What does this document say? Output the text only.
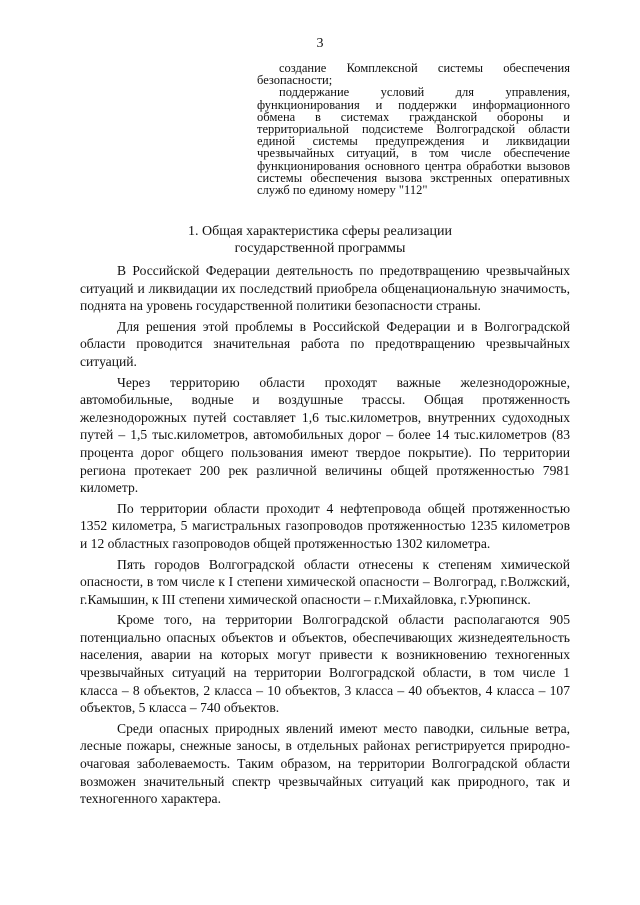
3

создание Комплексной системы обеспечения безопасности;

поддержание условий для управления, функционирования и поддержки информационного обмена в системах гражданской обороны и территориальной подсистеме Волгоградской области единой системы предупреждения и ликвидации чрезвычайных ситуаций, в том числе обеспечение функционирования основного центра обработки вызовов системы обеспечения вызова экстренных оперативных служб по единому номеру "112"

1. Общая характеристика сферы реализации
государственной программы

В Российской Федерации деятельность по предотвращению чрезвычайных ситуаций и ликвидации их последствий приобрела общенациональную значимость, поднята на уровень государственной политики безопасности страны.

Для решения этой проблемы в Российской Федерации и в Волгоградской области проводится значительная работа по предотвращению чрезвычайных ситуаций.

Через территорию области проходят важные железнодорожные, автомобильные, водные и воздушные трассы. Общая протяженность железнодорожных путей составляет 1,6 тыс.километров, внутренних судоходных путей – 1,5 тыс.километров, автомобильных дорог – более 14 тыс.километров (83 процента дорог общего пользования имеют твердое покрытие). По территории региона протекает 200 рек различной величины общей протяженностью 7981 километр.

По территории области проходит 4 нефтепровода общей протяженностью 1352 километра, 5 магистральных газопроводов протяженностью 1235 километров и 12 областных газопроводов общей протяженностью 1302 километра.

Пять городов Волгоградской области отнесены к степеням химической опасности, в том числе к I степени химической опасности – Волгоград, г.Волжский, г.Камышин, к III степени химической опасности – г.Михайловка, г.Урюпинск.

Кроме того, на территории Волгоградской области располагаются 905 потенциально опасных объектов и объектов, обеспечивающих жизнедеятельность населения, аварии на которых могут привести к возникновению техногенных чрезвычайных ситуаций на территории Волгоградской области, в том числе 1 класса – 8 объектов, 2 класса – 10 объектов, 3 класса – 40 объектов, 4 класса – 107 объектов, 5 класса – 740 объектов.

Среди опасных природных явлений имеют место паводки, сильные ветра, лесные пожары, снежные заносы, в отдельных районах регистрируется природно-очаговая заболеваемость. Таким образом, на территории Волгоградской области возможен значительный спектр чрезвычайных ситуаций как природного, так и техногенного характера.
